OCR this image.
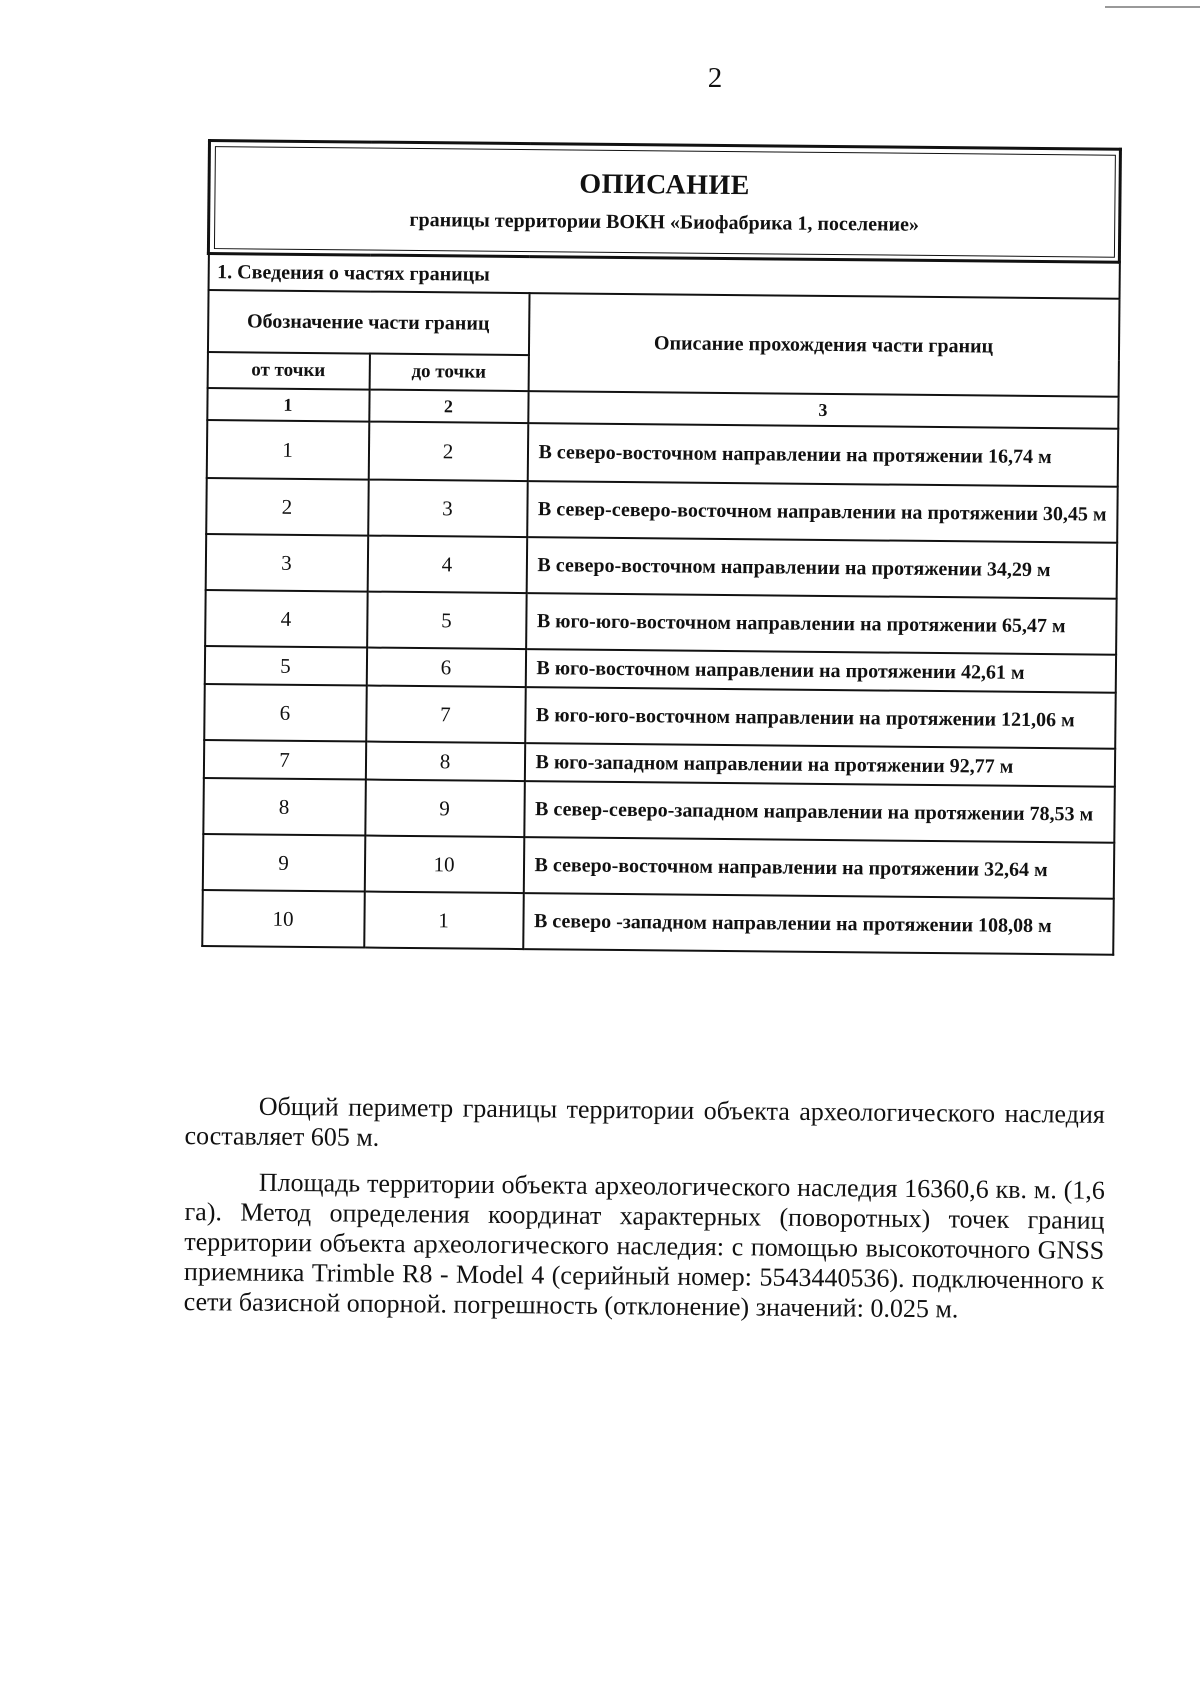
2
ОПИСАНИЕ
границы территории ВОКН «Биофабрика 1, поселение»		

1. Сведения о частях границы		
Обозначение части границ		Описание прохождения части границ
от точки	до точки	
1	2	3
1	2	В северо-восточном направлении на протяжении 16,74 м
2	3	В север-северо-восточном направлении на протяжении 30,45 м
3	4	В северо-восточном направлении на протяжении 34,29 м
4	5	В юго-юго-восточном направлении на протяжении 65,47 м
5	6	В юго-восточном направлении на протяжении 42,61 м
6	7	В юго-юго-восточном направлении на протяжении 121,06 м
7	8	В юго-западном направлении на протяжении 92,77 м
8	9	В север-северо-западном направлении на протяжении 78,53 м
9	10	В северо-восточном направлении на протяжении 32,64 м
10	1	В северо -западном направлении на протяжении 108,08 м

Общий периметр границы территории объекта археологического наследия составляет 605 м.

Площадь территории объекта археологического наследия 16360,6 кв. м. (1,6 га). Метод определения координат характерных (поворотных) точек границ территории объекта археологического наследия: с помощью высокоточного GNSS приемника Trimble R8 - Model 4 (серийный номер: 5543440536). подключенного к сети базисной опорной. погрешность (отклонение) значений: 0.025 м.
